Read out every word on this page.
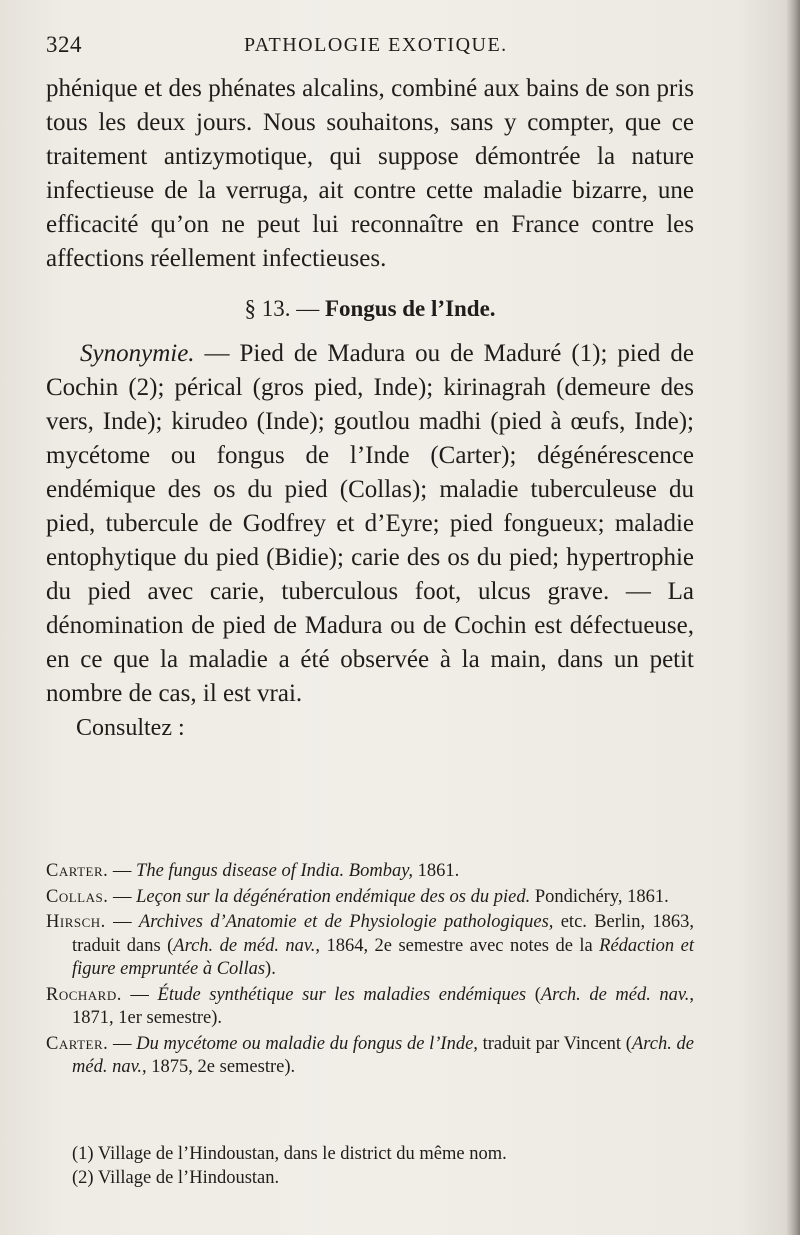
324	PATHOLOGIE EXOTIQUE.

phénique et des phénates alcalins, combiné aux bains de son pris tous les deux jours. Nous souhaitons, sans y compter, que ce traitement antizymotique, qui suppose démontrée la nature infectieuse de la verruga, ait contre cette maladie bizarre, une efficacité qu’on ne peut lui reconnaître en France contre les affections réellement infectieuses.

§ 13. — Fongus de l’Inde.

Synonymie. — Pied de Madura ou de Maduré (1); pied de Cochin (2); pérical (gros pied, Inde); kirinagrah (demeure des vers, Inde); kirudeo (Inde); goutlou madhi (pied à œufs, Inde); mycétome ou fongus de l’Inde (Carter); dégénérescence endémique des os du pied (Collas); maladie tuberculeuse du pied, tubercule de Godfrey et d’Eyre; pied fongueux; maladie entophytique du pied (Bidie); carie des os du pied; hypertrophie du pied avec carie, tuberculous foot, ulcus grave. — La dénomination de pied de Madura ou de Cochin est défectueuse, en ce que la maladie a été observée à la main, dans un petit nombre de cas, il est vrai.

Consultez :

Carter. — The fungus disease of India. Bombay, 1861.

Collas. — Leçon sur la dégénération endémique des os du pied. Pondichéry, 1861.

Hirsch. — Archives d’Anatomie et de Physiologie pathologiques, etc. Berlin, 1863, traduit dans (Arch. de méd. nav., 1864, 2e semestre avec notes de la Rédaction et figure empruntée à Collas).

Rochard. — Étude synthétique sur les maladies endémiques (Arch. de méd. nav., 1871, 1er semestre).

Carter. — Du mycétome ou maladie du fongus de l’Inde, traduit par Vincent (Arch. de méd. nav., 1875, 2e semestre).

(1) Village de l’Hindoustan, dans le district du même nom.

(2) Village de l’Hindoustan.
